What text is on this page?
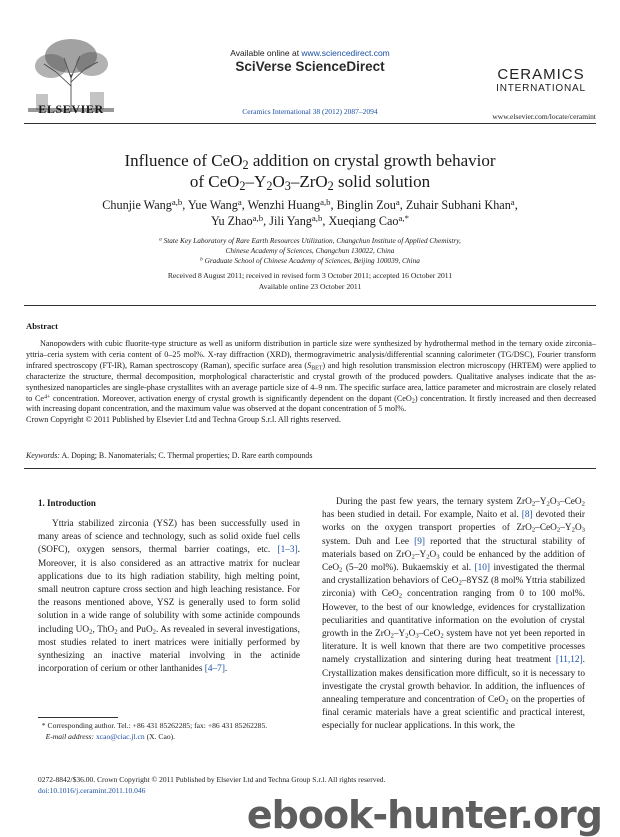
ELSEVIER
Available online at www.sciencedirect.com
SciVerse ScienceDirect
Ceramics International 38 (2012) 2087–2094
CERAMICS
INTERNATIONAL
www.elsevier.com/locate/ceramint
Influence of CeO$_2$ addition on crystal growth behavior
of $CeO_2-Y_2O_3-ZrO_2$ solid solution
Chunjie Wang$^{a,b}$, Yue Wang$^a$, Wenzhi Huang$^{a,b}$, Binglin Zou$^a$, Zuhair Subhani Khan$^a$,
Yu Zhao$^{a,b}$, Jili Yang$^{a,b}$, Xueqiang Cao$^{a,*}$
$^a$ State Key Laboratory of Rare Earth Resources Utilization, Changchun Institute of Applied Chemistry,
Chinese Academy of Sciences, Changchun 130022, China
$^b$ Graduate School of Chinese Academy of Sciences, Beijing 100039, China
Received 8 August 2011; received in revised form 3 October 2011; accepted 16 October 2011
Available online 23 October 2011
Abstract
Nanopowders with cubic fluorite-type structure as well as uniform distribution in particle size were synthesized by hydrothermal method in the ternary oxide zirconia–yttria–ceria system with ceria content of 0–25 mol%. X-ray diffraction (XRD), thermogravimetric analysis/differential scanning calorimeter (TG/DSC), Fourier transform infrared spectroscopy (FT-IR), Raman spectroscopy (Raman), specific surface area $(S_{BET})$ and high resolution transmission electron microscopy (HRTEM) were applied to characterize the structure, thermal decomposition, morphological characteristic and crystal growth of the produced powders. Qualitative analyses indicate that the as-synthesized nanoparticles are single-phase crystallites with an average particle size of 4–9 nm. The specific surface area, lattice parameter and microstrain are closely related to $Ce^{4+}$ concentration. Moreover, activation energy of crystal growth is significantly dependent on the dopant (CeO$_2$) concentration. It firstly increased and then decreased with increasing dopant concentration, and the maximum value was observed at the dopant concentration of 5 mol%.
Crown Copyright © 2011 Published by Elsevier Ltd and Techna Group S.r.l. All rights reserved.
Keywords: A. Doping; B. Nanomaterials; C. Thermal properties; D. Rare earth compounds
1. Introduction
Yttria stabilized zirconia (YSZ) has been successfully used in many areas of science and technology, such as solid oxide fuel cells (SOFC), oxygen sensors, thermal barrier coatings, etc. [1–3]. Moreover, it is also considered as an attractive matrix for nuclear applications due to its high radiation stability, high melting point, small neutron capture cross section and high leaching resistance. For the reasons mentioned above, YSZ is generally used to form solid solution in a wide range of solubility with some actinide compounds including $UO_2$, ThO$_2$ and PuO$_2$. As revealed in several investigations, most studies related to inert matrices were initially performed by synthesizing an inactive material involving in the actinide incorporation of cerium or other lanthanides [4–7].
During the past few years, the ternary system $ZrO_2-Y_2O_3-CeO_2$ has been studied in detail. For example, Naito et al. [8] devoted their works on the oxygen transport properties of $ZrO_2-CeO_2-Y_2O_3$ system. Duh and Lee [9] reported that the structural stability of materials based on $ZrO_2-Y_2O_3$ could be enhanced by the addition of CeO$_2$ (5–20 mol%). Bukaemskiy et al. [10] investigated the thermal and crystallization behaviors of CeO$_2$–8YSZ (8 mol% Yttria stabilized zirconia) with CeO$_2$ concentration ranging from 0 to 100 mol%. However, to the best of our knowledge, evidences for crystallization peculiarities and quantitative information on the evolution of crystal growth in the $ZrO_2-Y_2O_3-CeO_2$ system have not yet been reported in literature. It is well known that there are two competitive processes namely crystallization and sintering during heat treatment [11,12]. Crystallization makes densification more difficult, so it is necessary to investigate the crystal growth behavior. In addition, the influences of annealing temperature and concentration of CeO$_2$ on the properties of final ceramic materials have a great scientific and practical interest, especially for nuclear applications. In this work, the
* Corresponding author. Tel.: +86 431 85262285; fax: +86 431 85262285.
E-mail address: xcao@ciac.jl.cn (X. Cao).
0272-8842/$36.00. Crown Copyright © 2011 Published by Elsevier Ltd and Techna Group S.r.l. All rights reserved.
doi:10.1016/j.ceramint.2011.10.046
ebook-hunter.org
